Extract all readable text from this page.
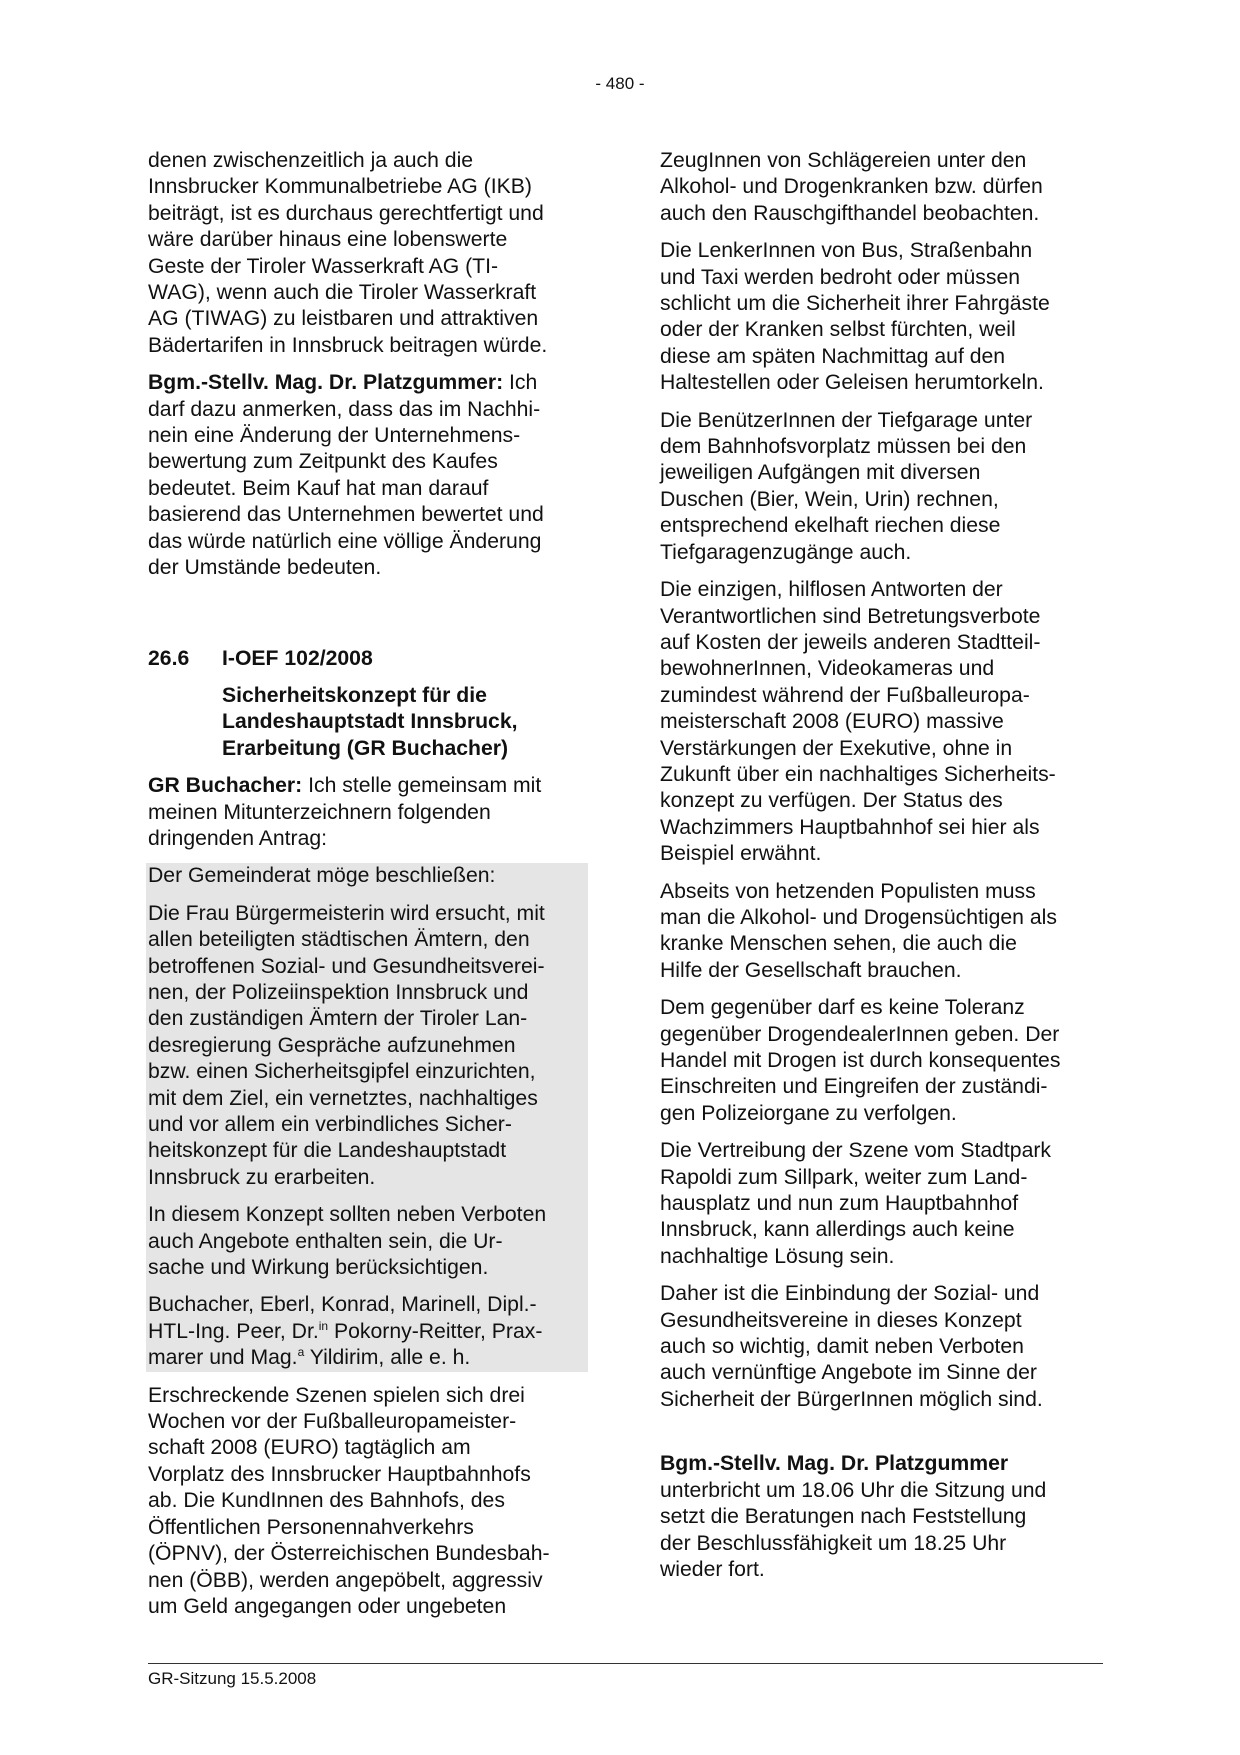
- 480 -

denen zwischenzeitlich ja auch die
Innsbrucker Kommunalbetriebe AG (IKB)
beiträgt, ist es durchaus gerechtfertigt und
wäre darüber hinaus eine lobenswerte
Geste der Tiroler Wasserkraft AG (TI-
WAG), wenn auch die Tiroler Wasserkraft
AG (TIWAG) zu leistbaren und attraktiven
Bädertarifen in Innsbruck beitragen würde.

Bgm.-Stellv. Mag. Dr. Platzgummer: Ich
darf dazu anmerken, dass das im Nachhi-
nein eine Änderung der Unternehmens-
bewertung zum Zeitpunkt des Kaufes
bedeutet. Beim Kauf hat man darauf
basierend das Unternehmen bewertet und
das würde natürlich eine völlige Änderung
der Umstände bedeuten.

26.6 I-OEF 102/2008
Sicherheitskonzept für die
Landeshauptstadt Innsbruck,
Erarbeitung (GR Buchacher)

GR Buchacher: Ich stelle gemeinsam mit
meinen Mitunterzeichnern folgenden
dringenden Antrag:

Der Gemeinderat möge beschließen:

Die Frau Bürgermeisterin wird ersucht, mit
allen beteiligten städtischen Ämtern, den
betroffenen Sozial- und Gesundheitsverei-
nen, der Polizeiinspektion Innsbruck und
den zuständigen Ämtern der Tiroler Lan-
desregierung Gespräche aufzunehmen
bzw. einen Sicherheitsgipfel einzurichten,
mit dem Ziel, ein vernetztes, nachhaltiges
und vor allem ein verbindliches Sicher-
heitskonzept für die Landeshauptstadt
Innsbruck zu erarbeiten.

In diesem Konzept sollten neben Verboten
auch Angebote enthalten sein, die Ur-
sache und Wirkung berücksichtigen.

Buchacher, Eberl, Konrad, Marinell, Dipl.-
HTL-Ing. Peer, Dr.$^{in}$ Pokorny-Reitter, Prax-
marer und Mag.$^a$ Yildirim, alle e. h.

Erschreckende Szenen spielen sich drei
Wochen vor der Fußballeuropameister-
schaft 2008 (EURO) tagtäglich am
Vorplatz des Innsbrucker Hauptbahnhofs
ab. Die KundInnen des Bahnhofs, des
Öffentlichen Personennahverkehrs
(ÖPNV), der Österreichischen Bundesbah-
nen (ÖBB), werden angepöbelt, aggressiv
um Geld angegangen oder ungebeten

ZeugInnen von Schlägereien unter den
Alkohol- und Drogenkranken bzw. dürfen
auch den Rauschgifthandel beobachten.

Die LenkerInnen von Bus, Straßenbahn
und Taxi werden bedroht oder müssen
schlicht um die Sicherheit ihrer Fahrgäste
oder der Kranken selbst fürchten, weil
diese am späten Nachmittag auf den
Haltestellen oder Geleisen herumtorkeln.

Die BenützerInnen der Tiefgarage unter
dem Bahnhofsvorplatz müssen bei den
jeweiligen Aufgängen mit diversen
Duschen (Bier, Wein, Urin) rechnen,
entsprechend ekelhaft riechen diese
Tiefgaragenzugänge auch.

Die einzigen, hilflosen Antworten der
Verantwortlichen sind Betretungsverbote
auf Kosten der jeweils anderen Stadtteil-
bewohnerInnen, Videokameras und
zumindest während der Fußballeuropa-
meisterschaft 2008 (EURO) massive
Verstärkungen der Exekutive, ohne in
Zukunft über ein nachhaltiges Sicherheits-
konzept zu verfügen. Der Status des
Wachzimmers Hauptbahnhof sei hier als
Beispiel erwähnt.

Abseits von hetzenden Populisten muss
man die Alkohol- und Drogensüchtigen als
kranke Menschen sehen, die auch die
Hilfe der Gesellschaft brauchen.

Dem gegenüber darf es keine Toleranz
gegenüber DrogendealerInnen geben. Der
Handel mit Drogen ist durch konsequentes
Einschreiten und Eingreifen der zuständi-
gen Polizeiorgane zu verfolgen.

Die Vertreibung der Szene vom Stadtpark
Rapoldi zum Sillpark, weiter zum Land-
hausplatz und nun zum Hauptbahnhof
Innsbruck, kann allerdings auch keine
nachhaltige Lösung sein.

Daher ist die Einbindung der Sozial- und
Gesundheitsvereine in dieses Konzept
auch so wichtig, damit neben Verboten
auch vernünftige Angebote im Sinne der
Sicherheit der BürgerInnen möglich sind.

Bgm.-Stellv. Mag. Dr. Platzgummer
unterbricht um 18.06 Uhr die Sitzung und
setzt die Beratungen nach Feststellung
der Beschlussfähigkeit um 18.25 Uhr
wieder fort.

GR-Sitzung 15.5.2008
